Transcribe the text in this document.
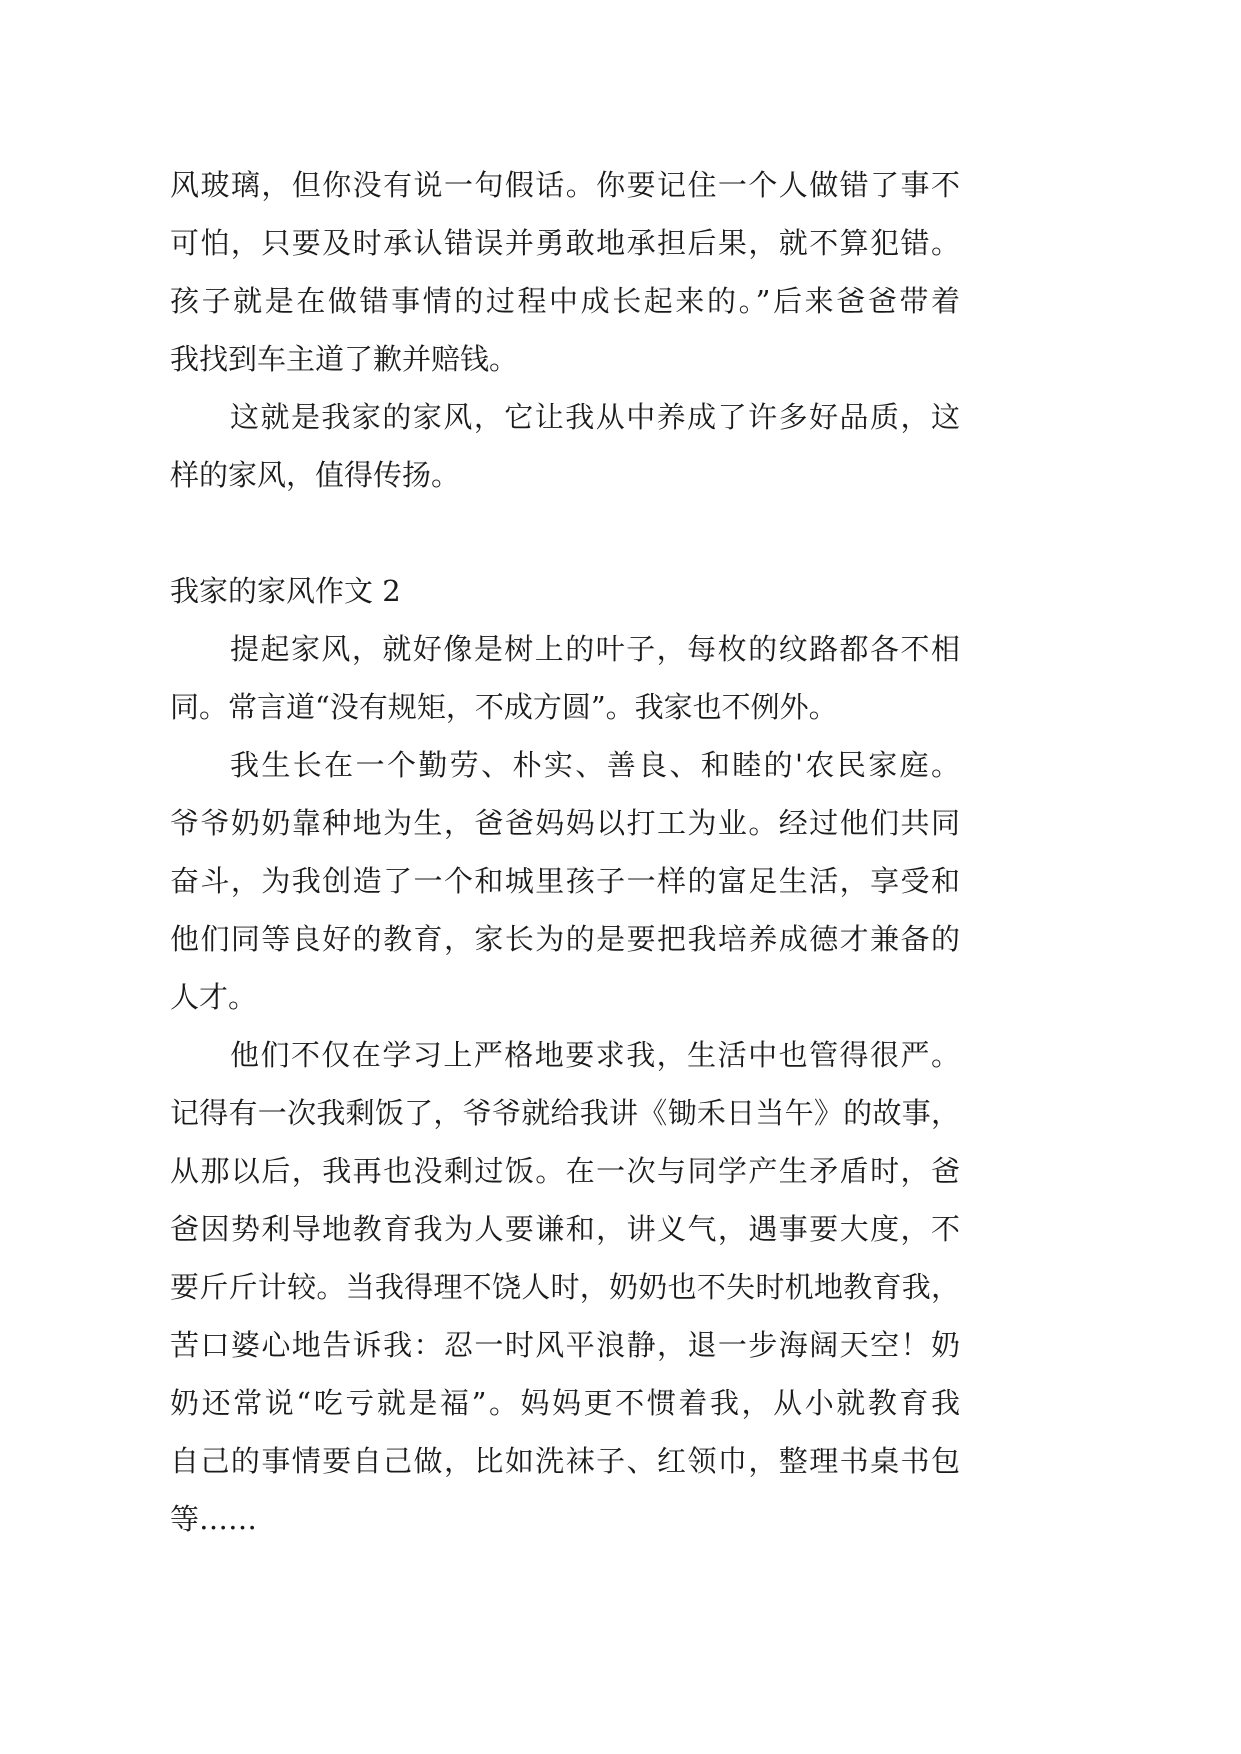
风玻璃，但你没有说一句假话。你要记住一个人做错了事不
可怕，只要及时承认错误并勇敢地承担后果，就不算犯错。
孩子就是在做错事情的过程中成长起来的。”后来爸爸带着
我找到车主道了歉并赔钱。
这就是我家的家风，它让我从中养成了许多好品质，这
样的家风，值得传扬。
我家的家风作文 2
提起家风，就好像是树上的叶子，每枚的纹路都各不相
同。常言道“没有规矩，不成方圆”。我家也不例外。
我生长在一个勤劳、朴实、善良、和睦的'农民家庭。
爷爷奶奶靠种地为生，爸爸妈妈以打工为业。经过他们共同
奋斗，为我创造了一个和城里孩子一样的富足生活，享受和
他们同等良好的教育，家长为的是要把我培养成德才兼备的
人才。
他们不仅在学习上严格地要求我，生活中也管得很严。
记得有一次我剩饭了，爷爷就给我讲《锄禾日当午》的故事，
从那以后，我再也没剩过饭。在一次与同学产生矛盾时，爸
爸因势利导地教育我为人要谦和，讲义气，遇事要大度，不
要斤斤计较。当我得理不饶人时，奶奶也不失时机地教育我，
苦口婆心地告诉我：忍一时风平浪静，退一步海阔天空！奶
奶还常说“吃亏就是福”。妈妈更不惯着我，从小就教育我
自己的事情要自己做，比如洗袜子、红领巾，整理书桌书包
等……
